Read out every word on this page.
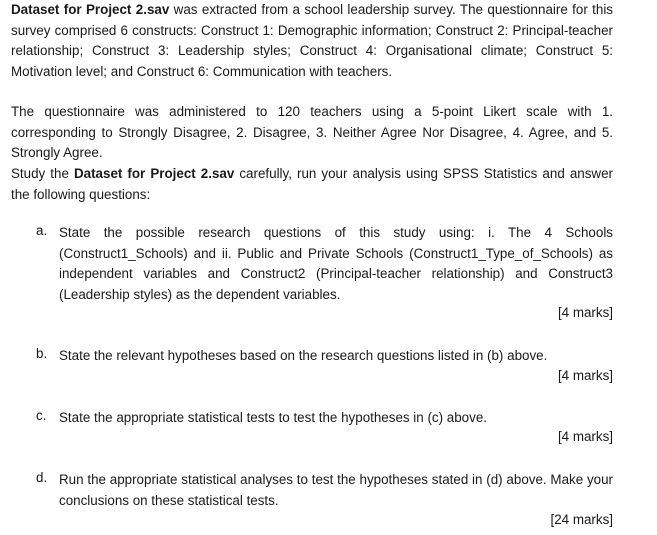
Dataset for Project 2.sav was extracted from a school leadership survey. The questionnaire for this survey comprised 6 constructs: Construct 1: Demographic information; Construct 2: Principal-teacher relationship; Construct 3: Leadership styles; Construct 4: Organisational climate; Construct 5: Motivation level; and Construct 6: Communication with teachers.

The questionnaire was administered to 120 teachers using a 5-point Likert scale with 1. corresponding to Strongly Disagree, 2. Disagree, 3. Neither Agree Nor Disagree, 4. Agree, and 5. Strongly Agree.

Study the Dataset for Project 2.sav carefully, run your analysis using SPSS Statistics and answer the following questions:

a. State the possible research questions of this study using: i. The 4 Schools (Construct1_Schools) and ii. Public and Private Schools (Construct1_Type_of_Schools) as independent variables and Construct2 (Principal-teacher relationship) and Construct3 (Leadership styles) as the dependent variables.
[4 marks]
b. State the relevant hypotheses based on the research questions listed in (b) above.
[4 marks]
c. State the appropriate statistical tests to test the hypotheses in (c) above.
[4 marks]
d. Run the appropriate statistical analyses to test the hypotheses stated in (d) above. Make your conclusions on these statistical tests.
[24 marks]
